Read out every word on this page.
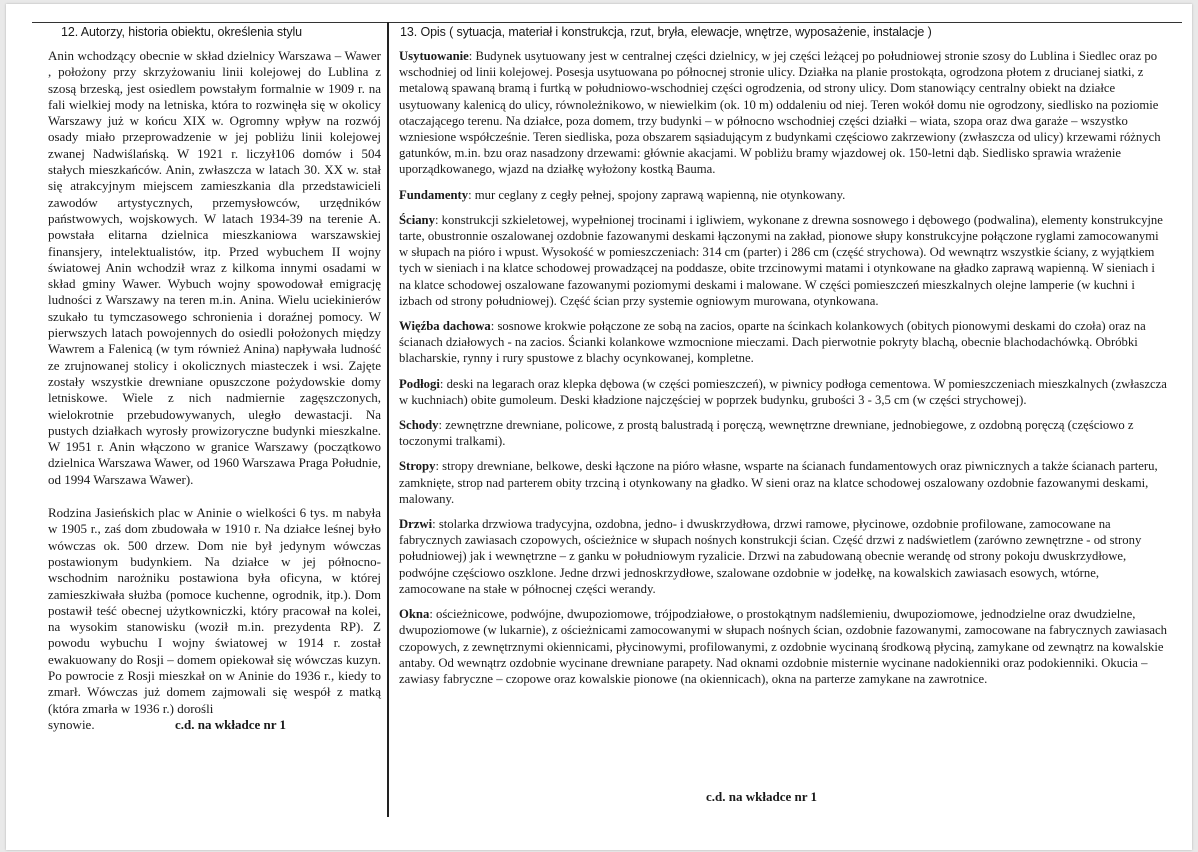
12. Autorzy, historia obiektu, określenia stylu	13. Opis ( sytuacja, materiał i konstrukcja, rzut, bryła, elewacje, wnętrze, wyposażenie, instalacje )

Anin wchodzący obecnie w skład dzielnicy Warszawa – Wawer , położony przy skrzyżowaniu linii kolejowej do Lublina z szosą brzeską, jest osiedlem powstałym formalnie w 1909 r. na fali wielkiej mody na letniska, która to rozwinęła się w okolicy Warszawy już w końcu XIX w. Ogromny wpływ na rozwój osady miało przeprowadzenie w jej pobliżu linii kolejowej zwanej Nadwiślańską. W 1921 r. liczył106 domów i 504 stałych mieszkańców. Anin, zwłaszcza w latach 30. XX w. stał się atrakcyjnym miejscem zamieszkania dla przedstawicieli zawodów artystycznych, przemysłowców, urzędników państwowych, wojskowych. W latach 1934-39 na terenie A. powstała elitarna dzielnica mieszkaniowa warszawskiej finansjery, intelektualistów, itp. Przed wybuchem II wojny światowej Anin wchodził wraz z kilkoma innymi osadami w skład gminy Wawer. Wybuch wojny spowodował emigrację ludności z Warszawy na teren m.in. Anina. Wielu uciekinierów szukało tu tymczasowego schronienia i doraźnej pomocy. W pierwszych latach powojennych do osiedli położonych między Wawrem a Falenicą (w tym również Anina) napływała ludność ze zrujnowanej stolicy i okolicznych miasteczek i wsi. Zajęte zostały wszystkie drewniane opuszczone pożydowskie domy letniskowe. Wiele z nich nadmiernie zagęszczonych, wielokrotnie przebudowywanych, uległo dewastacji. Na pustych działkach wyrosły prowizoryczne budynki mieszkalne. W 1951 r. Anin włączono w granice Warszawy (początkowo dzielnica Warszawa Wawer, od 1960 Warszawa Praga Południe, od 1994 Warszawa Wawer).

Rodzina Jasieńskich plac w Aninie o wielkości 6 tys. m nabyła w 1905 r., zaś dom zbudowała w 1910 r. Na działce leśnej było wówczas ok. 500 drzew. Dom nie był jedynym wówczas postawionym budynkiem. Na działce w jej północno-wschodnim narożniku postawiona była oficyna, w której zamieszkiwała służba (pomoce kuchenne, ogrodnik, itp.). Dom postawił teść obecnej użytkowniczki, który pracował na kolei, na wysokim stanowisku (woził m.in. prezydenta RP). Z powodu wybuchu I wojny światowej w 1914 r. został ewakuowany do Rosji – domem opiekował się wówczas kuzyn. Po powrocie z Rosji mieszkał on w Aninie do 1936 r., kiedy to zmarł. Wówczas już domem zajmowali się wespół z matką (która zmarła w 1936 r.) doroślі

synowie.	c.d. na wkładce nr 1

Usytuowanie: Budynek usytuowany jest w centralnej części dzielnicy, w jej części leżącej po południowej stronie szosy do Lublina i Siedlec oraz po wschodniej od linii kolejowej. Posesja usytuowana po północnej stronie ulicy. Działka na planie prostokąta, ogrodzona płotem z drucianej siatki, z metalową spawaną bramą i furtką w południowo-wschodniej części ogrodzenia, od strony ulicy. Dom stanowiący centralny obiekt na działce usytuowany kalenicą do ulicy, równoleżnikowo, w niewielkim (ok. 10 m) oddaleniu od niej. Teren wokół domu nie ogrodzony, siedlisko na poziomie otaczającego terenu. Na działce, poza domem, trzy budynki – w północno wschodniej części działki – wiata, szopa oraz dwa garaże – wszystko wzniesione współcześnie. Teren siedliska, poza obszarem sąsiadującym z budynkami częściowo zakrzewiony (zwłaszcza od ulicy) krzewami różnych gatunków, m.in. bzu oraz nasadzony drzewami: głównie akacjami. W pobliżu bramy wjazdowej ok. 150-letni dąb. Siedlisko sprawia wrażenie uporządkowanego, wjazd na działkę wyłożony kostką Bauma.

Fundamenty: mur ceglany z cegły pełnej, spojony zaprawą wapienną, nie otynkowany.

Ściany: konstrukcji szkieletowej, wypełnionej trocinami i igliwiem, wykonane z drewna sosnowego i dębowego (podwalina), elementy konstrukcyjne tarte, obustronnie oszalowanej ozdobnie fazowanymi deskami łączonymi na zakład, pionowe słupy konstrukcyjne połączone ryglami zamocowanymi w słupach na pióro i wpust. Wysokość w pomieszczeniach: 314 cm (parter) i 286 cm (część strychowa). Od wewnątrz wszystkie ściany, z wyjątkiem tych w sieniach i na klatce schodowej prowadzącej na poddasze, obite trzcinowymi matami i otynkowane na gładko zaprawą wapienną. W sieniach i na klatce schodowej oszalowane fazowanymi poziomymi deskami i malowane. W części pomieszczeń mieszkalnych olejne lamperie (w kuchni i izbach od strony południowej). Część ścian przy systemie ogniowym murowana, otynkowana.

Więźba dachowa: sosnowe krokwie połączone ze sobą na zacios, oparte na ścinkach kolankowych (obitych pionowymi deskami do czoła) oraz na ścianach działowych - na zacios. Ścianki kolankowe wzmocnione mieczami. Dach pierwotnie pokryty blachą, obecnie blachodachówką. Obróbki blacharskie, rynny i rury spustowe z blachy ocynkowanej, kompletne.

Podłogi: deski na legarach oraz klepka dębowa (w części pomieszczeń), w piwnicy podłoga cementowa. W pomieszczeniach mieszkalnych (zwłaszcza w kuchniach) obite gumoleum. Deski kładzione najczęściej w poprzek budynku, grubości 3 - 3,5 cm (w części strychowej).

Schody: zewnętrzne drewniane, policowe, z prostą balustradą i poręczą, wewnętrzne drewniane, jednobiegowe, z ozdobną poręczą (częściowo z toczonymi tralkami).

Stropy: stropy drewniane, belkowe, deski łączone na pióro własne, wsparte na ścianach fundamentowych oraz piwnicznych a także ścianach parteru, zamknięte, strop nad parterem obity trzciną i otynkowany na gładko. W sieni oraz na klatce schodowej oszalowany ozdobnie fazowanymi deskami, malowany.

Drzwi: stolarka drzwiowa tradycyjna, ozdobna, jedno- i dwuskrzydłowa, drzwi ramowe, płycinowe, ozdobnie profilowane, zamocowane na fabrycznych zawiasach czopowych, ościeżnice w słupach nośnych konstrukcji ścian. Część drzwi z nadświetlem (zarówno zewnętrzne - od strony południowej) jak i wewnętrzne – z ganku w południowym ryzalicie. Drzwi na zabudowaną obecnie werandę od strony pokoju dwuskrzydłowe, podwójne częściowo oszklone. Jedne drzwi jednoskrzydłowe, szalowane ozdobnie w jodełkę, na kowalskich zawiasach esowych, wtórne, zamocowane na stałe w północnej części werandy.

Okna: ościeżnicowe, podwójne, dwupoziomowe, trójpodziałowe, o prostokątnym nadślemieniu, dwupoziomowe, jednodzielne oraz dwudzielne, dwupoziomowe (w lukarnie), z ościeżnicami zamocowanymi w słupach nośnych ścian, ozdobnie fazowanymi, zamocowane na fabrycznych zawiasach czopowych, z zewnętrznymi okiennicami, płycinowymi, profilowanymi, z ozdobnie wycinaną środkową płyciną, zamykane od zewnątrz na kowalskie antaby. Od wewnątrz ozdobnie wycinane drewniane parapety. Nad oknami ozdobnie misternie wycinane nadokienniki oraz podokienniki. Okucia – zawiasy fabryczne – czopowe oraz kowalskie pionowe (na okiennicach), okna na parterze zamykane na zawrotnice.

c.d. na wkładce nr 1
